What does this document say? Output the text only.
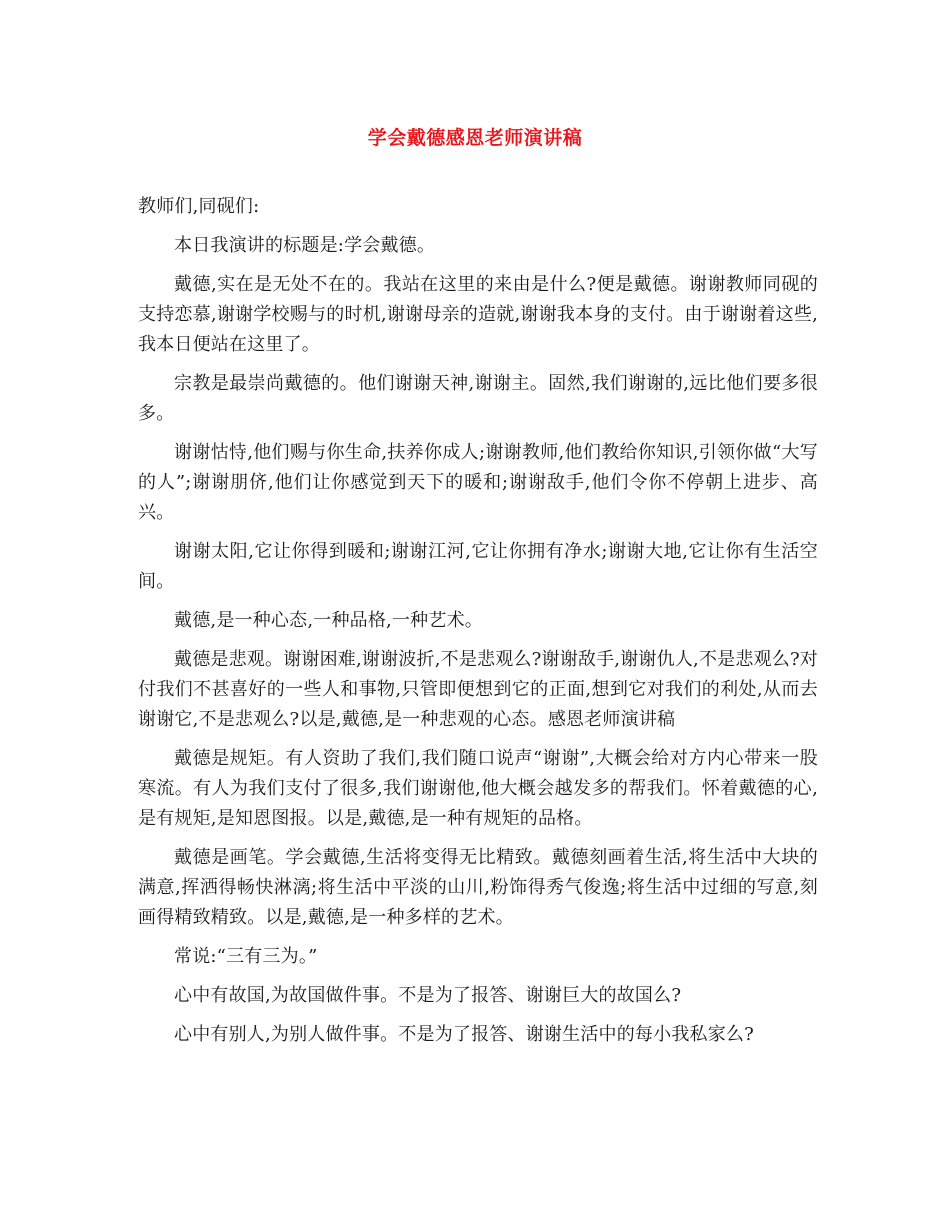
学会戴德感恩老师演讲稿

教师们,同砚们:

本日我演讲的标题是:学会戴德。

戴德,实在是无处不在的。我站在这里的来由是什么?便是戴德。谢谢教师同砚的支持恋慕,谢谢学校赐与的时机,谢谢母亲的造就,谢谢我本身的支付。由于谢谢着这些,我本日便站在这里了。

宗教是最崇尚戴德的。他们谢谢天神,谢谢主。固然,我们谢谢的,远比他们要多很多。

谢谢怙恃,他们赐与你生命,扶养你成人;谢谢教师,他们教给你知识,引领你做“大写的人”;谢谢朋侪,他们让你感觉到天下的暖和;谢谢敌手,他们令你不停朝上进步、高兴。

谢谢太阳,它让你得到暖和;谢谢江河,它让你拥有净水;谢谢大地,它让你有生活空间。

戴德,是一种心态,一种品格,一种艺术。

戴德是悲观。谢谢困难,谢谢波折,不是悲观么?谢谢敌手,谢谢仇人,不是悲观么?对付我们不甚喜好的一些人和事物,只管即便想到它的正面,想到它对我们的利处,从而去谢谢它,不是悲观么?以是,戴德,是一种悲观的心态。感恩老师演讲稿

戴德是规矩。有人资助了我们,我们随口说声“谢谢”,大概会给对方内心带来一股寒流。有人为我们支付了很多,我们谢谢他,他大概会越发多的帮我们。怀着戴德的心,是有规矩,是知恩图报。以是,戴德,是一种有规矩的品格。

戴德是画笔。学会戴德,生活将变得无比精致。戴德刻画着生活,将生活中大块的满意,挥洒得畅快淋漓;将生活中平淡的山川,粉饰得秀气俊逸;将生活中过细的写意,刻画得精致精致。以是,戴德,是一种多样的艺术。

常说:“三有三为。”

心中有故国,为故国做件事。不是为了报答、谢谢巨大的故国么?

心中有别人,为别人做件事。不是为了报答、谢谢生活中的每小我私家么?
